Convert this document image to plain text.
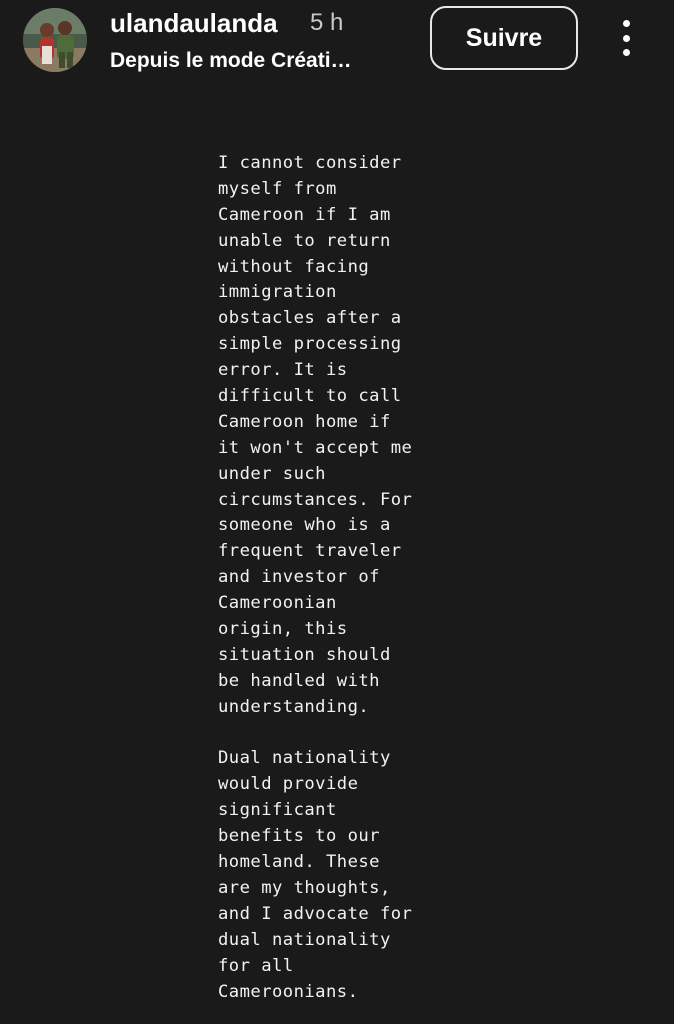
ulandaulanda 5 h
Depuis le mode Créati…
Suivre
I cannot consider
myself from
Cameroon if I am
unable to return
without facing
immigration
obstacles after a
simple processing
error. It is
difficult to call
Cameroon home if
it won't accept me
under such
circumstances. For
someone who is a
frequent traveler
and investor of
Cameroonian
origin, this
situation should
be handled with
understanding.
Dual nationality
would provide
significant
benefits to our
homeland. These
are my thoughts,
and I advocate for
dual nationality
for all
Cameroonians.
